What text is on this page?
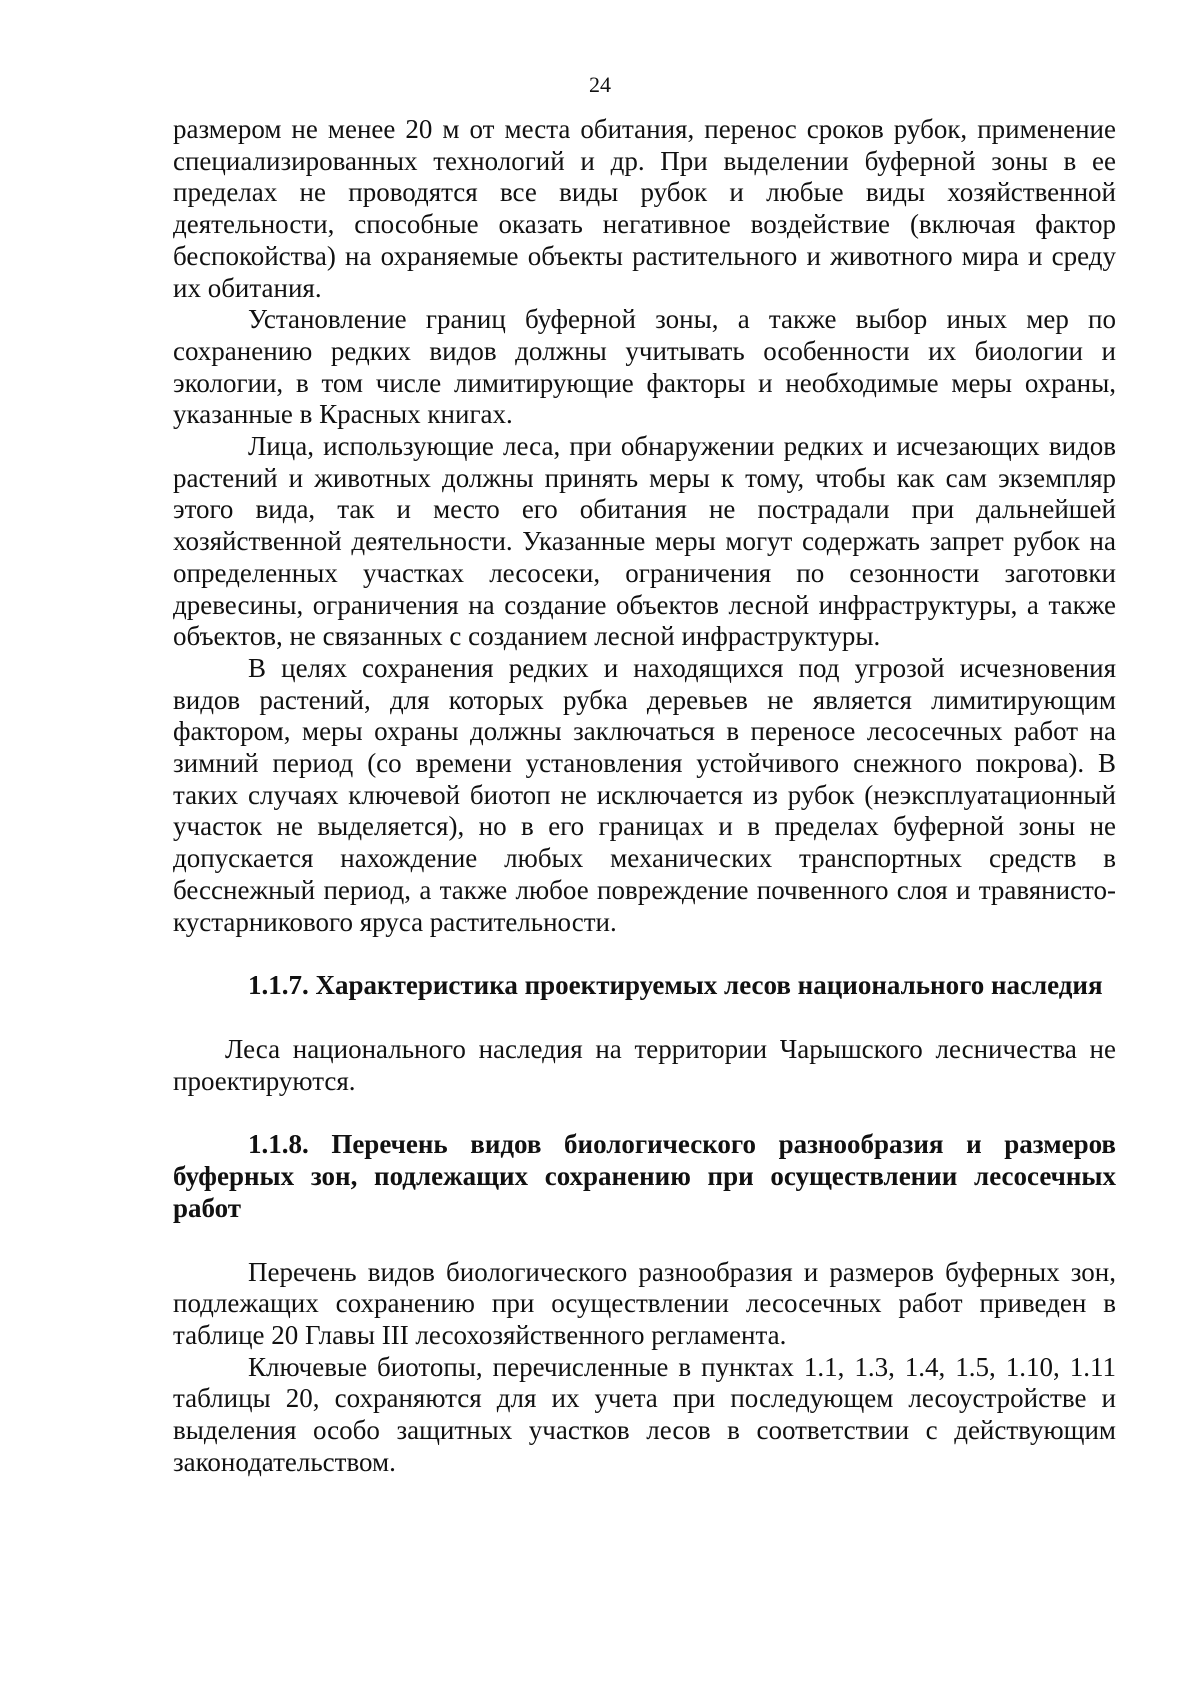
24

размером не менее 20 м от места обитания, перенос сроков рубок, применение специализированных технологий и др. При выделении буферной зоны в ее пределах не проводятся все виды рубок и любые виды хозяйственной деятельности, способные оказать негативное воздействие (включая фактор беспокойства) на охраняемые объекты растительного и животного мира и среду их обитания.

Установление границ буферной зоны, а также выбор иных мер по сохранению редких видов должны учитывать особенности их биологии и экологии, в том числе лимитирующие факторы и необходимые меры охраны, указанные в Красных книгах.

Лица, использующие леса, при обнаружении редких и исчезающих видов растений и животных должны принять меры к тому, чтобы как сам экземпляр этого вида, так и место его обитания не пострадали при дальнейшей хозяйственной деятельности. Указанные меры могут содержать запрет рубок на определенных участках лесосеки, ограничения по сезонности заготовки древесины, ограничения на создание объектов лесной инфраструктуры, а также объектов, не связанных с созданием лесной инфраструктуры.

В целях сохранения редких и находящихся под угрозой исчезновения видов растений, для которых рубка деревьев не является лимитирующим фактором, меры охраны должны заключаться в переносе лесосечных работ на зимний период (со времени установления устойчивого снежного покрова). В таких случаях ключевой биотоп не исключается из рубок (неэксплуатационный участок не выделяется), но в его границах и в пределах буферной зоны не допускается нахождение любых механических транспортных средств в бесснежный период, а также любое повреждение почвенного слоя и травянисто-кустарникового яруса растительности.

1.1.7. Характеристика проектируемых лесов национального наследия

Леса национального наследия на территории Чарышского лесничества не проектируются.

1.1.8. Перечень видов биологического разнообразия и размеров буферных зон, подлежащих сохранению при осуществлении лесосечных работ

Перечень видов биологического разнообразия и размеров буферных зон, подлежащих сохранению при осуществлении лесосечных работ приведен в таблице 20 Главы III лесохозяйственного регламента.

Ключевые биотопы, перечисленные в пунктах 1.1, 1.3, 1.4, 1.5, 1.10, 1.11 таблицы 20, сохраняются для их учета при последующем лесоустройстве и выделения особо защитных участков лесов в соответствии с действующим законодательством.
